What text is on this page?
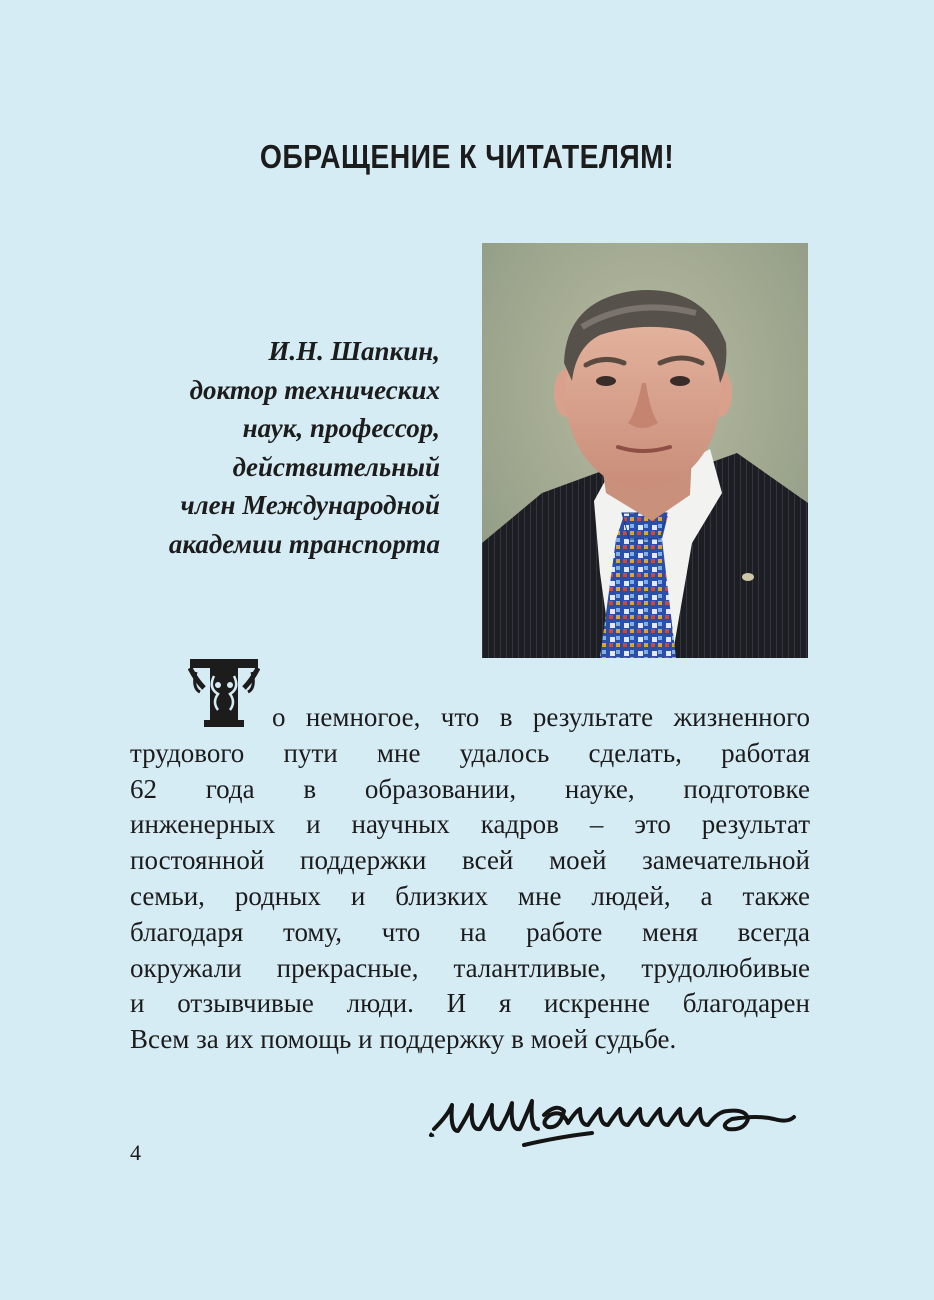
ОБРАЩЕНИЕ К ЧИТАТЕЛЯМ!
И.Н. Шапкин,
доктор технических
наук, профессор,
действительный
член Международной
академии транспорта
Т
о немногое, что в результате жизненного
трудового пути мне удалось сделать, работая
62 года в образовании, науке, подготовке
инженерных и научных кадров – это результат
постоянной поддержки всей моей замечательной
семьи, родных и близких мне людей, а также
благодаря тому, что на работе меня всегда
окружали прекрасные, талантливые, трудолюбивые
и отзывчивые люди. И я искренне благодарен
Всем за их помощь и поддержку в моей судьбе.
4
